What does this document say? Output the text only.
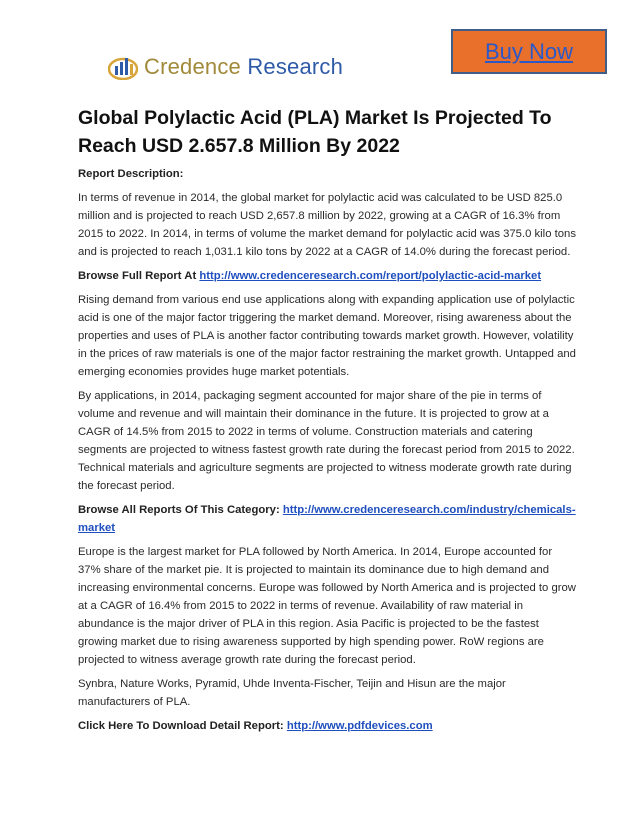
Buy Now
Credence Research
Global Polylactic Acid (PLA) Market Is Projected To Reach USD 2.657.8 Million By 2022

Report Description:

In terms of revenue in 2014, the global market for polylactic acid was calculated to be USD 825.0 million and is projected to reach USD 2,657.8 million by 2022, growing at a CAGR of 16.3% from 2015 to 2022. In 2014, in terms of volume the market demand for polylactic acid was 375.0 kilo tons and is projected to reach 1,031.1 kilo tons by 2022 at a CAGR of 14.0% during the forecast period.

Browse Full Report At http://www.credenceresearch.com/report/polylactic-acid-market

Rising demand from various end use applications along with expanding application use of polylactic acid is one of the major factor triggering the market demand. Moreover, rising awareness about the properties and uses of PLA is another factor contributing towards market growth. However, volatility in the prices of raw materials is one of the major factor restraining the market growth. Untapped and emerging economies provides huge market potentials.

By applications, in 2014, packaging segment accounted for major share of the pie in terms of volume and revenue and will maintain their dominance in the future. It is projected to grow at a CAGR of 14.5% from 2015 to 2022 in terms of volume. Construction materials and catering segments are projected to witness fastest growth rate during the forecast period from 2015 to 2022. Technical materials and agriculture segments are projected to witness moderate growth rate during the forecast period.

Browse All Reports Of This Category: http://www.credenceresearch.com/industry/chemicals-market

Europe is the largest market for PLA followed by North America. In 2014, Europe accounted for 37% share of the market pie. It is projected to maintain its dominance due to high demand and increasing environmental concerns. Europe was followed by North America and is projected to grow at a CAGR of 16.4% from 2015 to 2022 in terms of revenue. Availability of raw material in abundance is the major driver of PLA in this region. Asia Pacific is projected to be the fastest growing market due to rising awareness supported by high spending power. RoW regions are projected to witness average growth rate during the forecast period.

Synbra, Nature Works, Pyramid, Uhde Inventa-Fischer, Teijin and Hisun are the major manufacturers of PLA.

Click Here To Download Detail Report: http://www.pdfdevices.com
